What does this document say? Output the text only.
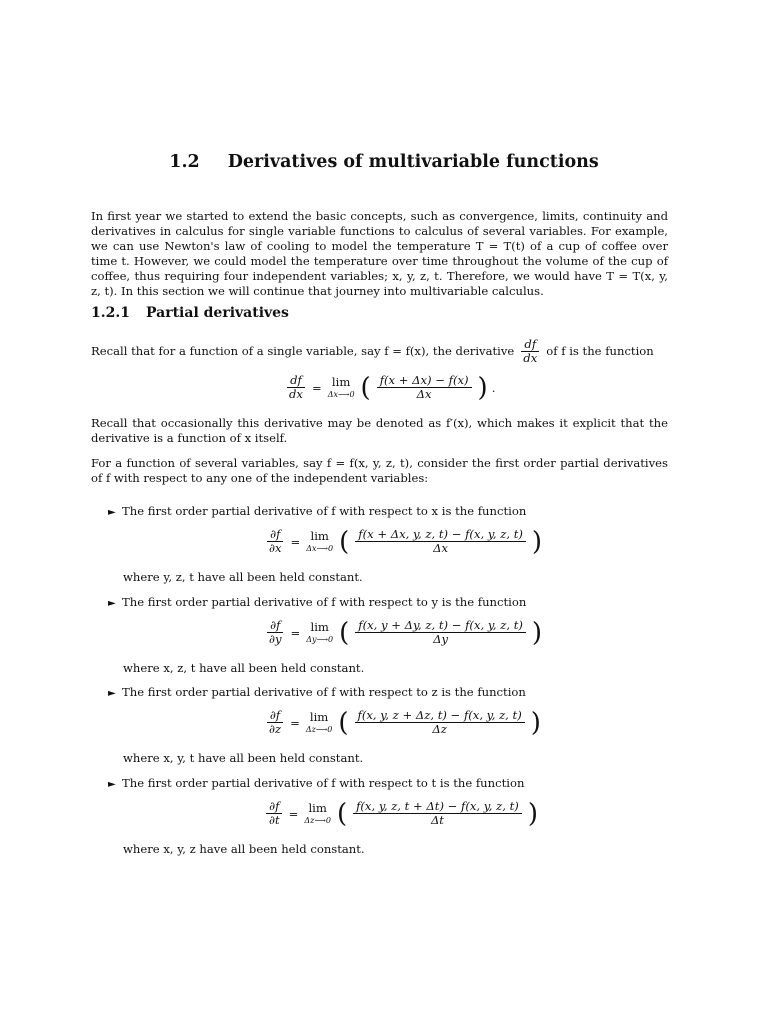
1.2 Derivatives of multivariable functions
In first year we started to extend the basic concepts, such as convergence, limits, continuity and derivatives in calculus for single variable functions to calculus of several variables. For example, we can use Newton's law of cooling to model the temperature T = T(t) of a cup of coffee over time t. However, we could model the temperature over time throughout the volume of the cup of coffee, thus requiring four independent variables; x, y, z, t. Therefore, we would have T = T(x, y, z, t). In this section we will continue that journey into multivariable calculus.
1.2.1 Partial derivatives
Recall that for a function of a single variable, say f = f(x), the derivative $\frac{df}{dx}$ of f is the function
$\frac{df}{dx} = \lim$
Δx⟶0 ( $\frac{f(x + \Delta x) - f(x)}{\Delta x}$ ) .
Recall that occasionally this derivative may be denoted as f′(x), which makes it explicit that the derivative is a function of x itself.
For a function of several variables, say f = f(x, y, z, t), consider the first order partial derivatives of f with respect to any one of the independent variables:
► The first order partial derivative of f with respect to x is the function
$\frac{\partial f}{\partial x} = \lim$
Δx⟶0 ( $\frac{f(x + \Delta x, y, z, t) - f(x, y, z, t)}{\Delta x}$ )
where y, z, t have all been held constant.
► The first order partial derivative of f with respect to y is the function
$\frac{\partial f}{\partial y} = \lim$
Δy⟶0 ( $\frac{f(x, y + \Delta y, z, t) - f(x, y, z, t)}{\Delta y}$ )
where x, z, t have all been held constant.
► The first order partial derivative of f with respect to z is the function
$\frac{\partial f}{\partial z} = \lim$
Δz⟶0 ( $\frac{f(x, y, z + \Delta z, t) - f(x, y, z, t)}{\Delta z}$ )
where x, y, t have all been held constant.
► The first order partial derivative of f with respect to t is the function
$\frac{\partial f}{\partial t} = \lim$
Δz⟶0 ( $\frac{f(x, y, z, t + \Delta t) - f(x, y, z, t)}{\Delta t}$ )
where x, y, z have all been held constant.
